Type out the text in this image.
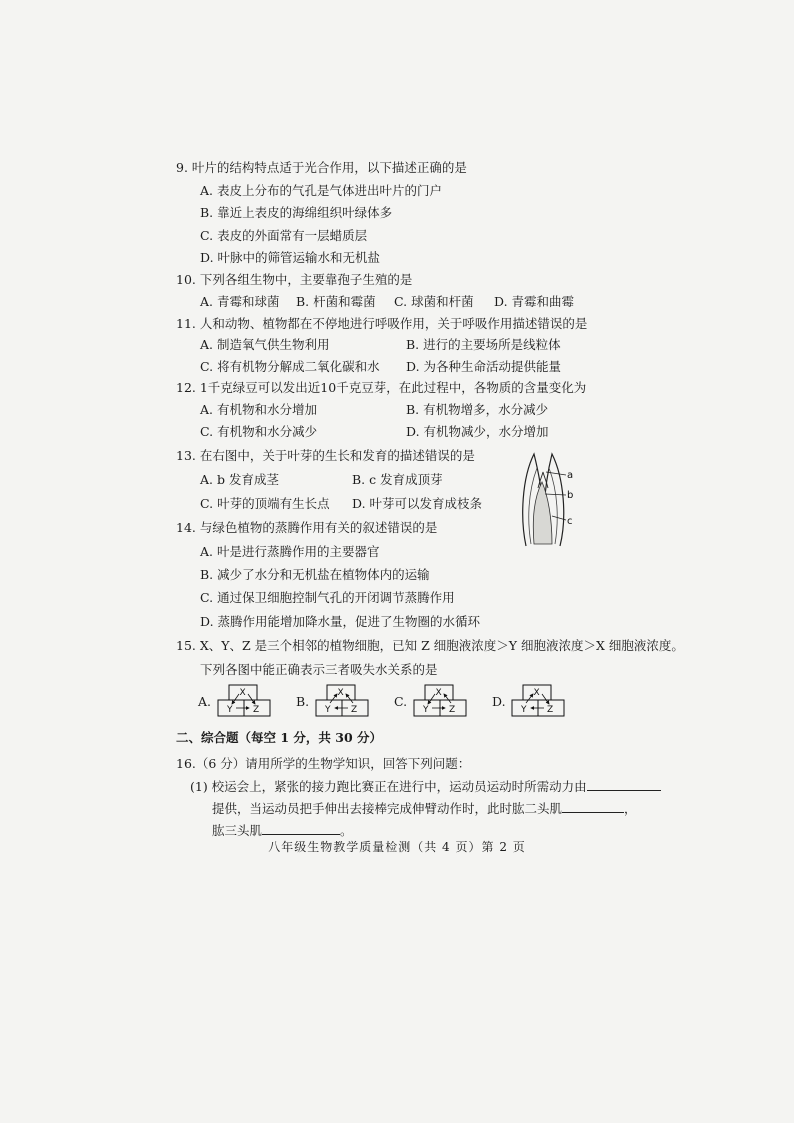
9. 叶片的结构特点适于光合作用，以下描述正确的是
A. 表皮上分布的气孔是气体进出叶片的门户
B. 靠近上表皮的海绵组织叶绿体多
C. 表皮的外面常有一层蜡质层
D. 叶脉中的筛管运输水和无机盐
10. 下列各组生物中，主要靠孢子生殖的是
A. 青霉和球菌 B. 杆菌和霉菌 C. 球菌和杆菌 D. 青霉和曲霉
11. 人和动物、植物都在不停地进行呼吸作用，关于呼吸作用描述错误的是
A. 制造氧气供生物利用	B. 进行的主要场所是线粒体
C. 将有机物分解成二氧化碳和水 D. 为各种生命活动提供能量
12. 1千克绿豆可以发出近10千克豆芽，在此过程中，各物质的含量变化为
A. 有机物和水分增加	B. 有机物增多，水分减少
C. 有机物和水分减少	D. 有机物减少，水分增加
13. 在右图中，关于叶芽的生长和发育的描述错误的是
A. b 发育成茎	B. c 发育成顶芽
C. 叶芽的顶端有生长点 D. 叶芽可以发育成枝条
a
b
c
14. 与绿色植物的蒸腾作用有关的叙述错误的是
A. 叶是进行蒸腾作用的主要器官
B. 减少了水分和无机盐在植物体内的运输
C. 通过保卫细胞控制气孔的开闭调节蒸腾作用
D. 蒸腾作用能增加降水量，促进了生物圈的水循环
15. X、Y、Z 是三个相邻的植物细胞，已知 Z 细胞液浓度＞Y 细胞液浓度＞X 细胞液浓度。
下列各图中能正确表示三者吸失水关系的是
A.	B.	C.	D.
X
Y Z
X
Y Z
X
Y Z
X
Y Z
二、综合题（每空 1 分，共 30 分）
16.（6 分）请用所学的生物学知识，回答下列问题：
(1) 校运会上，紧张的接力跑比赛正在进行中，运动员运动时所需动力由
提供，当运动员把手伸出去接棒完成伸臂动作时，此时肱二头肌	，
肱三头肌	。
八年级生物教学质量检测（共 4 页）第 2 页
